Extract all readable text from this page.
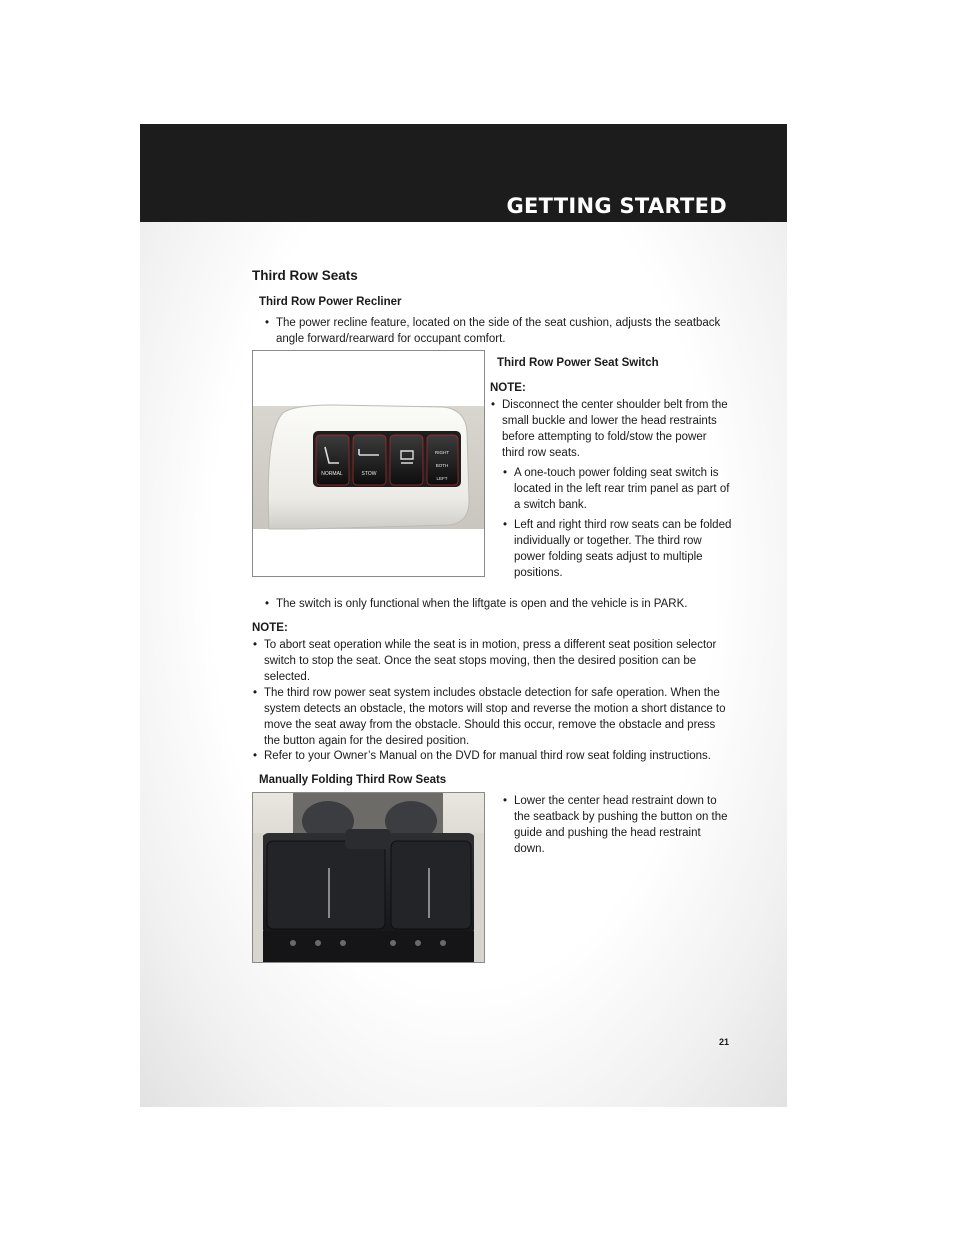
GETTING STARTED
Third Row Seats
Third Row Power Recliner
• The power recline feature, located on the side of the seat cushion, adjusts the seatback angle forward/rearward for occupant comfort.
NORMAL	STOW
RIGHT
BOTH
LEFT
Third Row Power Seat Switch
NOTE:
• Disconnect the center shoulder belt from the small buckle and lower the head restraints before attempting to fold/stow the power third row seats.
• A one-touch power folding seat switch is located in the left rear trim panel as part of a switch bank.
• Left and right third row seats can be folded individually or together. The third row power folding seats adjust to multiple positions.
• The switch is only functional when the liftgate is open and the vehicle is in PARK.
NOTE:
• To abort seat operation while the seat is in motion, press a different seat position selector switch to stop the seat. Once the seat stops moving, then the desired position can be selected.
• The third row power seat system includes obstacle detection for safe operation. When the system detects an obstacle, the motors will stop and reverse the motion a short distance to move the seat away from the obstacle. Should this occur, remove the obstacle and press the button again for the desired position.
• Refer to your Owner’s Manual on the DVD for manual third row seat folding instructions.
Manually Folding Third Row Seats
• Lower the center head restraint down to the seatback by pushing the button on the guide and pushing the head restraint down.
21
